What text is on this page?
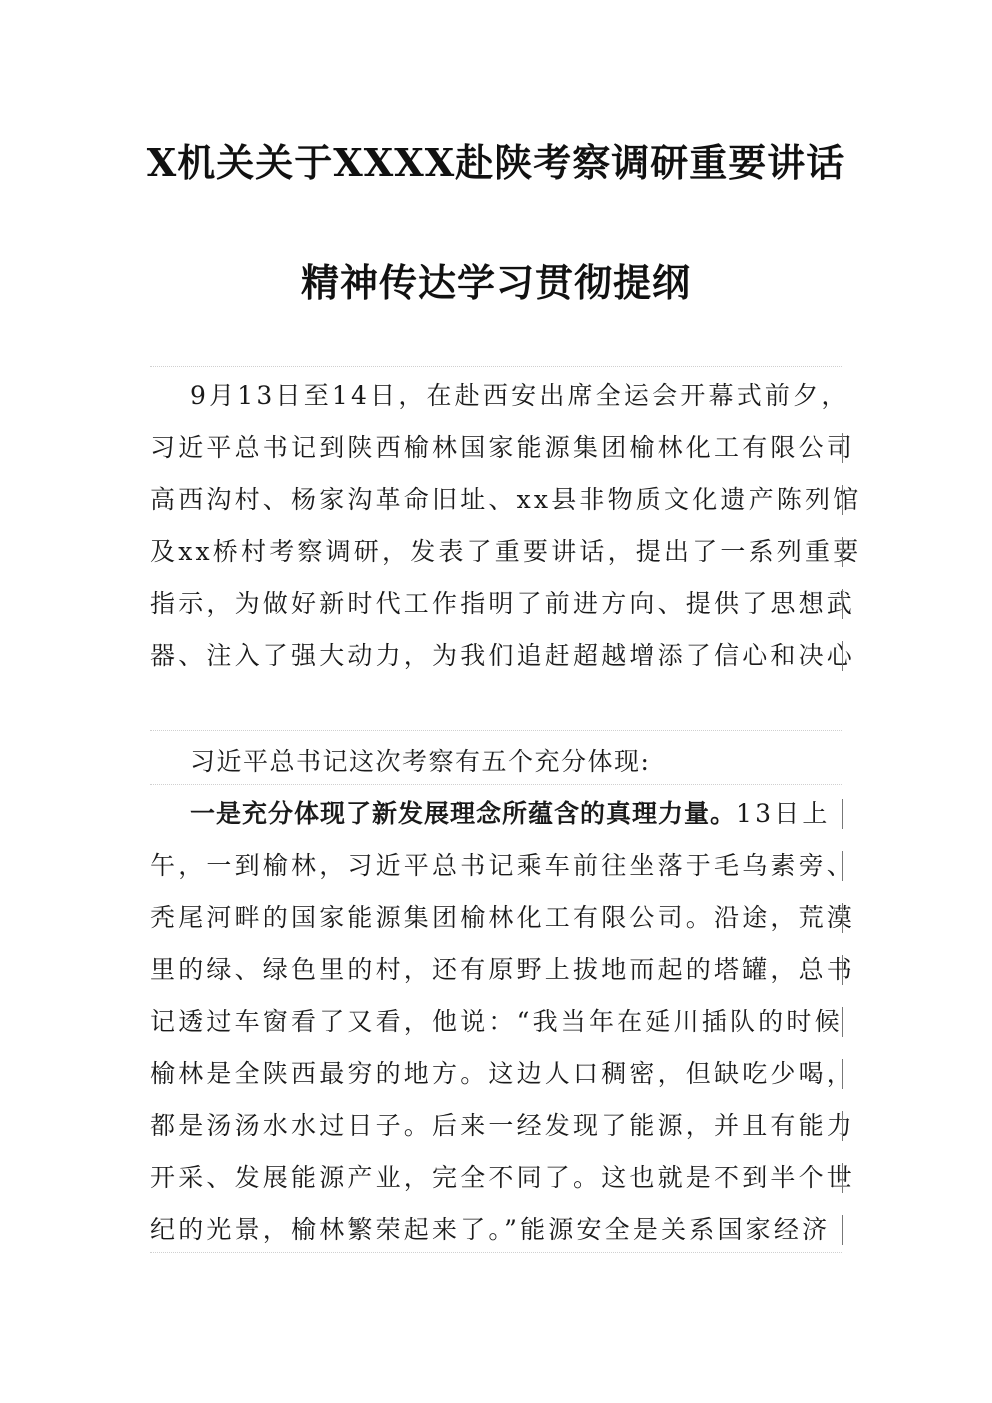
X机关关于XXXX赴陕考察调研重要讲话
精神传达学习贯彻提纲
9月13日至14日，在赴西安出席全运会开幕式前夕，
习近平总书记到陕西榆林国家能源集团榆林化工有限公司
高西沟村、杨家沟革命旧址、xx县非物质文化遗产陈列馆
及xx桥村考察调研，发表了重要讲话，提出了一系列重要
指示，为做好新时代工作指明了前进方向、提供了思想武
器、注入了强大动力，为我们追赶超越增添了信心和决心
习近平总书记这次考察有五个充分体现:
一是充分体现了新发展理念所蕴含的真理力量。13日上
午，一到榆林，习近平总书记乘车前往坐落于毛乌素旁、
秃尾河畔的国家能源集团榆林化工有限公司。沿途，荒漠
里的绿、绿色里的村，还有原野上拔地而起的塔罐，总书
记透过车窗看了又看，他说：“我当年在延川插队的时候
榆林是全陕西最穷的地方。这边人口稠密，但缺吃少喝，
都是汤汤水水过日子。后来一经发现了能源，并且有能力
开采、发展能源产业，完全不同了。这也就是不到半个世
纪的光景，榆林繁荣起来了。”能源安全是关系国家经济
